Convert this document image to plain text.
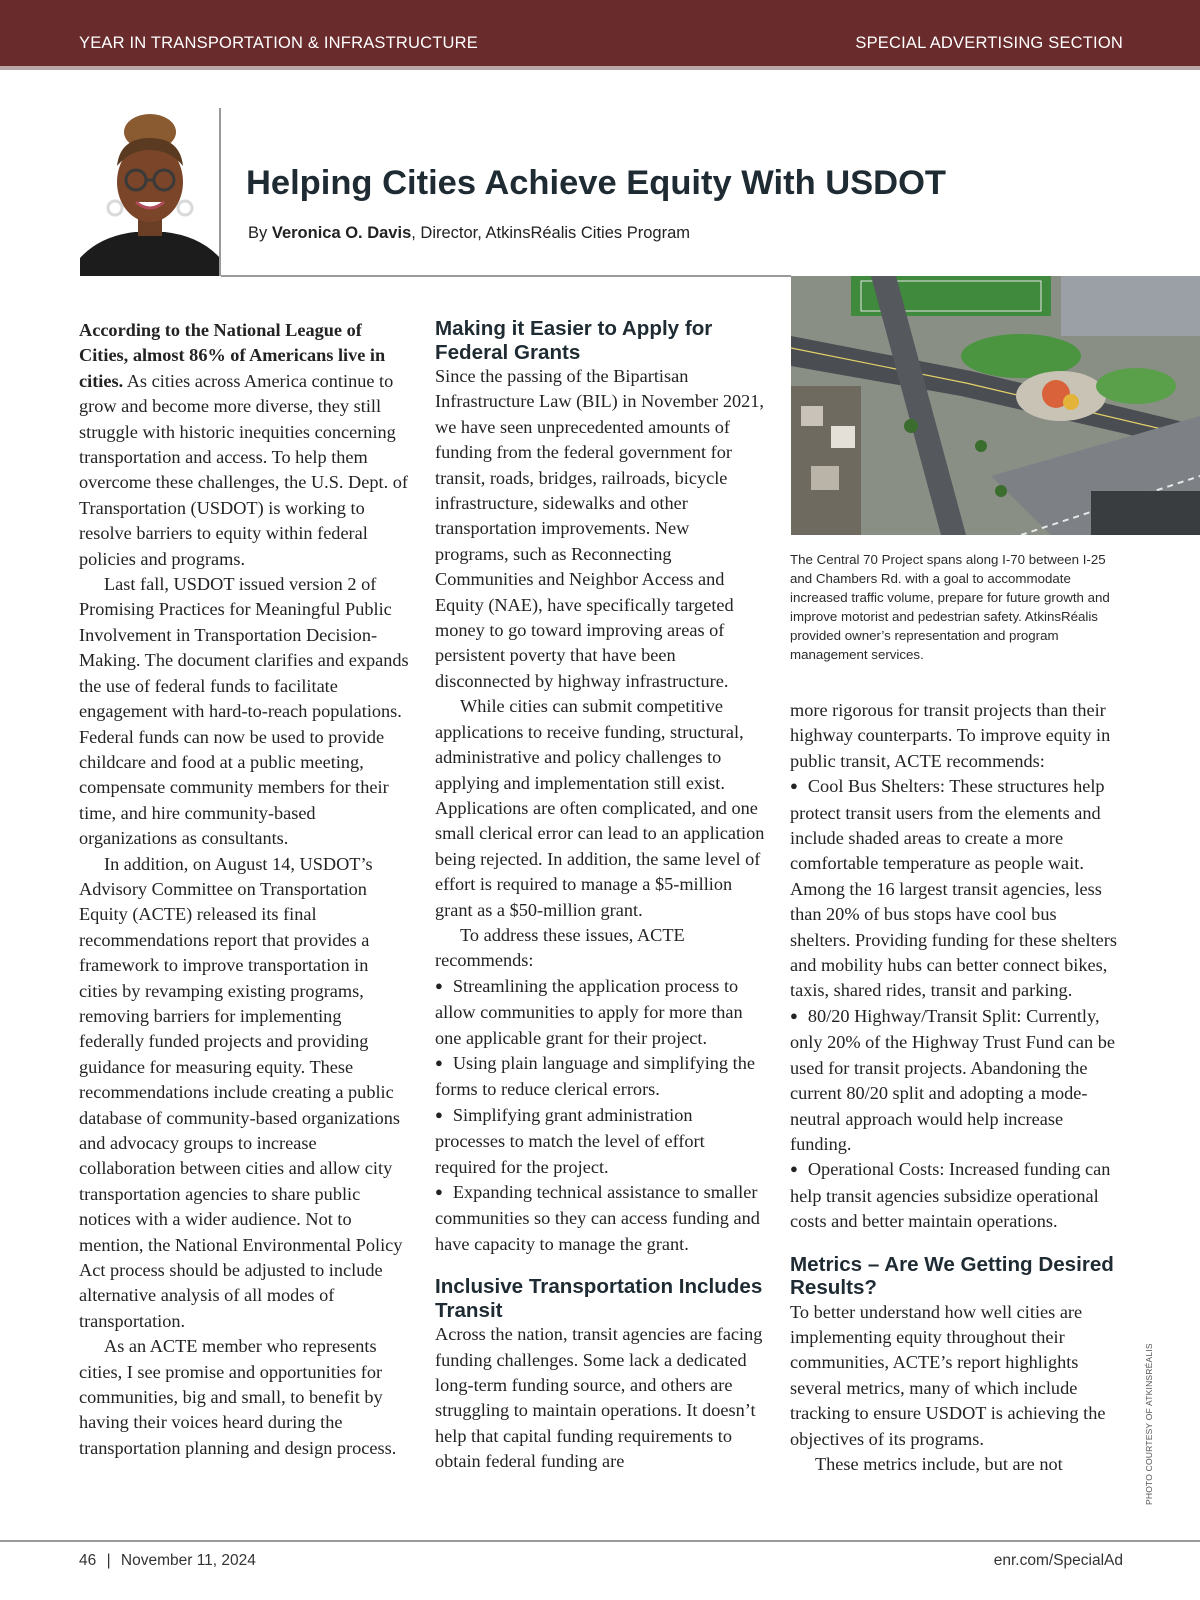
YEAR IN TRANSPORTATION & INFRASTRUCTURE	SPECIAL ADVERTISING SECTION
Helping Cities Achieve Equity With USDOT
By Veronica O. Davis, Director, AtkinsRéalis Cities Program

The Central 70 Project spans along I-70 between I-25 and Chambers Rd. with a goal to accommodate increased traffic volume, prepare for future growth and improve motorist and pedestrian safety. AtkinsRéalis provided owner’s representation and program management services.

PHOTO COURTESY OF ATKINSRÉALIS

According to the National League of Cities, almost 86% of Americans live in cities. As cities across America continue to grow and become more diverse, they still struggle with historic inequities concerning transportation and access. To help them overcome these challenges, the U.S. Dept. of Transportation (USDOT) is working to resolve barriers to equity within federal policies and programs.

Last fall, USDOT issued version 2 of Promising Practices for Meaningful Public Involvement in Transportation Decision-Making. The document clarifies and expands the use of federal funds to facilitate engagement with hard-to-reach populations. Federal funds can now be used to provide childcare and food at a public meeting, compensate community members for their time, and hire community-based organizations as consultants.

In addition, on August 14, USDOT’s Advisory Committee on Transportation Equity (ACTE) released its final recommendations report that provides a framework to improve transportation in cities by revamping existing programs, removing barriers for implementing federally funded projects and providing guidance for measuring equity. These recommendations include creating a public database of community-based organizations and advocacy groups to increase collaboration between cities and allow city transportation agencies to share public notices with a wider audience. Not to mention, the National Environmental Policy Act process should be adjusted to include alternative analysis of all modes of transportation.

As an ACTE member who represents cities, I see promise and opportunities for communities, big and small, to benefit by having their voices heard during the transportation planning and design process.

Making it Easier to Apply for Federal Grants

Since the passing of the Bipartisan Infrastructure Law (BIL) in November 2021, we have seen unprecedented amounts of funding from the federal government for transit, roads, bridges, railroads, bicycle infrastructure, sidewalks and other transportation improvements. New programs, such as Reconnecting Communities and Neighbor Access and Equity (NAE), have specifically targeted money to go toward improving areas of persistent poverty that have been disconnected by highway infrastructure.

While cities can submit competitive applications to receive funding, structural, administrative and policy challenges to applying and implementation still exist. Applications are often complicated, and one small clerical error can lead to an application being rejected. In addition, the same level of effort is required to manage a $5-million grant as a $50-million grant.

To address these issues, ACTE recommends:

● Streamlining the application process to allow communities to apply for more than one applicable grant for their project.

● Using plain language and simplifying the forms to reduce clerical errors.

● Simplifying grant administration processes to match the level of effort required for the project.

● Expanding technical assistance to smaller communities so they can access funding and have capacity to manage the grant.

Inclusive Transportation Includes Transit

Across the nation, transit agencies are facing funding challenges. Some lack a dedicated long-term funding source, and others are struggling to maintain operations. It doesn’t help that capital funding requirements to obtain federal funding are

more rigorous for transit projects than their highway counterparts. To improve equity in public transit, ACTE recommends:

● Cool Bus Shelters: These structures help protect transit users from the elements and include shaded areas to create a more comfortable temperature as people wait. Among the 16 largest transit agencies, less than 20% of bus stops have cool bus shelters. Providing funding for these shelters and mobility hubs can better connect bikes, taxis, shared rides, transit and parking.

● 80/20 Highway/Transit Split: Currently, only 20% of the Highway Trust Fund can be used for transit projects. Abandoning the current 80/20 split and adopting a mode-neutral approach would help increase funding.

● Operational Costs: Increased funding can help transit agencies subsidize operational costs and better maintain operations.

Metrics – Are We Getting Desired Results?

To better understand how well cities are implementing equity throughout their communities, ACTE’s report highlights several metrics, many of which include tracking to ensure USDOT is achieving the objectives of its programs.

These metrics include, but are not

46 | November 11, 2024	enr.com/SpecialAd
